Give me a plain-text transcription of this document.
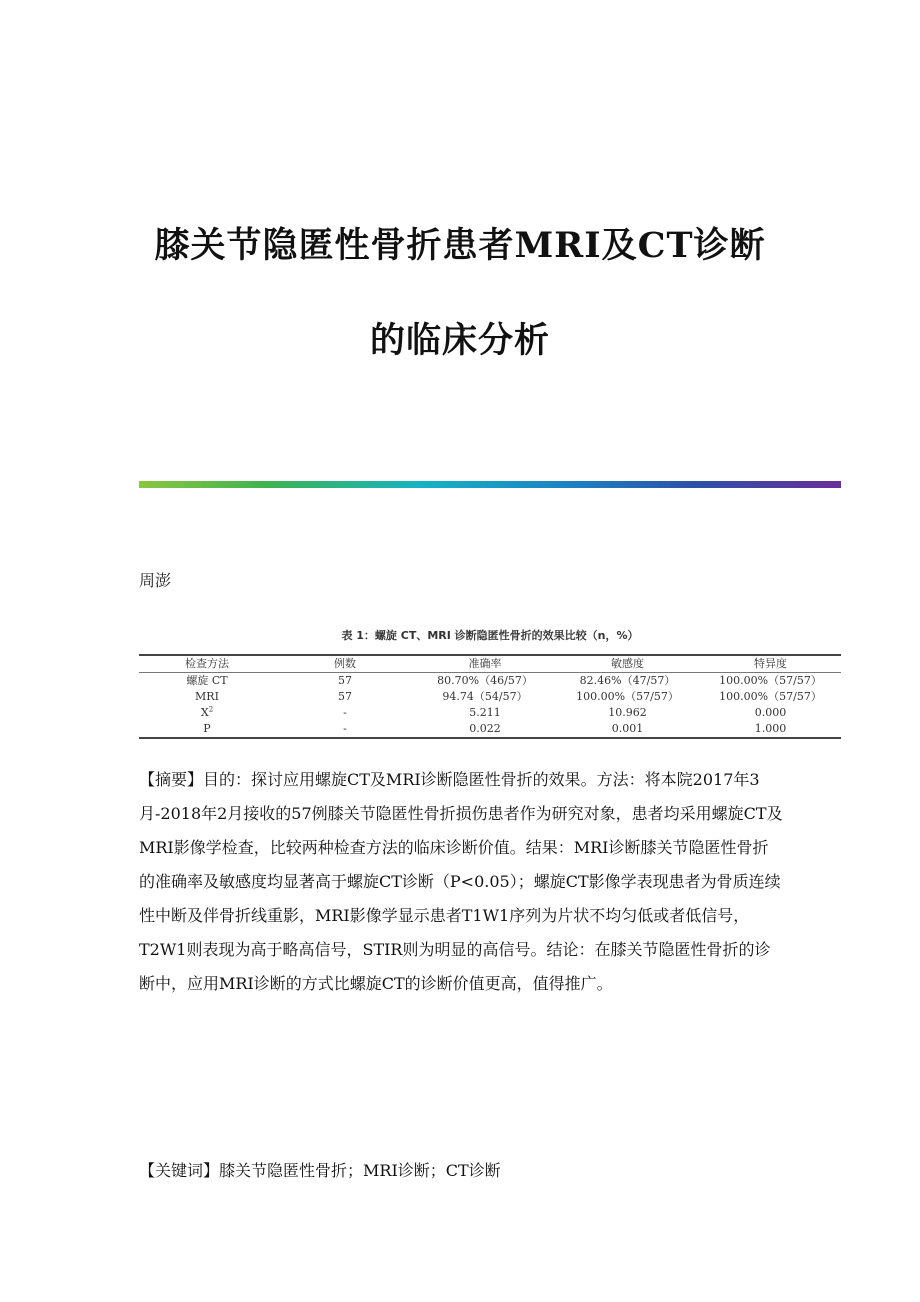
膝关节隐匿性骨折患者MRI及CT诊断
的临床分析
周澎
表 1：螺旋 CT、MRI 诊断隐匿性骨折的效果比较（n，%）
检查方法	例数	准确率	敏感度	特异度
螺旋 CT	57	80.70%（46/57）	82.46%（47/57）	100.00%（57/57）
MRI	57	94.74（54/57）	100.00%（57/57）	100.00%（57/57）
$X^2$	-	5.211	10.962	0.000
P	-	0.022	0.001	1.000

【摘要】目的：探讨应用螺旋CT及MRI诊断隐匿性骨折的效果。方法：将本院2017年3月-2018年2月接收的57例膝关节隐匿性骨折损伤患者作为研究对象，患者均采用螺旋CT及MRI影像学检查，比较两种检查方法的临床诊断价值。结果：MRI诊断膝关节隐匿性骨折的准确率及敏感度均显著高于螺旋CT诊断（P<0.05）；螺旋CT影像学表现患者为骨质连续性中断及伴骨折线重影，MRI影像学显示患者T1W1序列为片状不均匀低或者低信号，T2W1则表现为高于略高信号，STIR则为明显的高信号。结论：在膝关节隐匿性骨折的诊断中，应用MRI诊断的方式比螺旋CT的诊断价值更高，值得推广。

【关键词】膝关节隐匿性骨折；MRI诊断；CT诊断
